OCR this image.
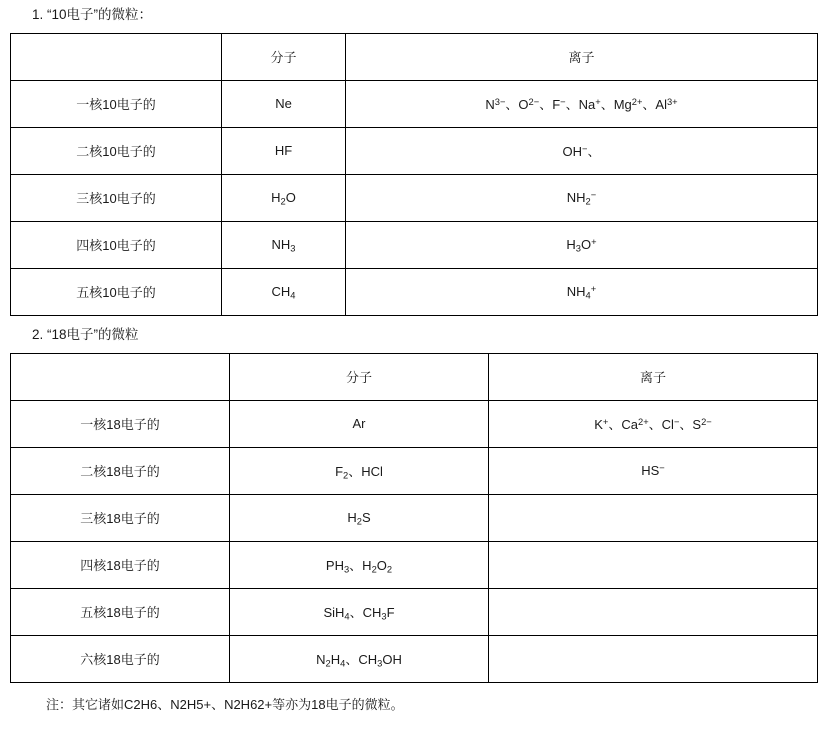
1. “10电子”的微粒：
	分子	离子
一核10电子的	Ne	$N^{3-}$、$O^{2-}$、F−、Na+、$Mg^{2+}$、$Al^{3+}$
二核10电子的	HF	OH−、
三核10电子的	$H_2O$	$NH_2^-$
四核10电子的	$NH_3$	$H_3O^+$
五核10电子的	$CH_4$	$NH_4^+$
2. “18电子”的微粒
	分子	离子
一核18电子的	Ar	K+、$Ca^{2+}$、Cl−、$S^{2-}$
二核18电子的	$F_2$、HCl	HS−
三核18电子的	$H_2S$	
四核18电子的	$PH_3$、$H_2O_2$	
五核18电子的	SiH$_4$、$CH_3F$	
六核18电子的	$N_2H_4$、$CH_3OH$	
注：其它诸如C2H6、N2H5+、N2H62+等亦为18电子的微粒。
